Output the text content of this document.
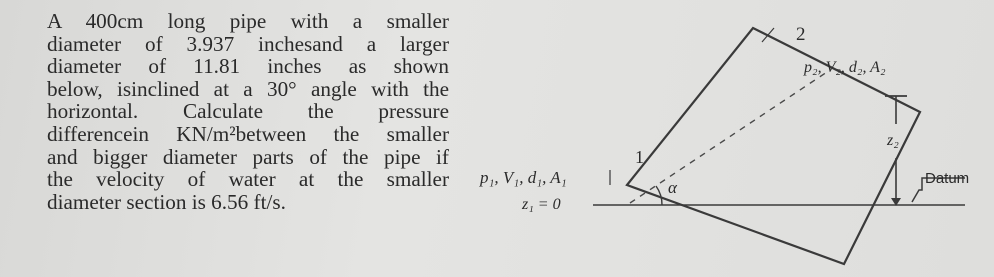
A 400cm long pipe with a smaller
diameter of 3.937 inchesand a larger
diameter of 11.81 inches as shown
below, isinclined at a 30° angle with the
horizontal. Calculate the pressure
differencein KN/m²between the smaller
and bigger diameter parts of the pipe if
the velocity of water at the smaller
diameter section is 6.56 ft/s.
2
1
p₂, V₂, d₂, A₂
p₁, V₁, d₁, A₁
z₁ = 0
z₂
α	Datum
